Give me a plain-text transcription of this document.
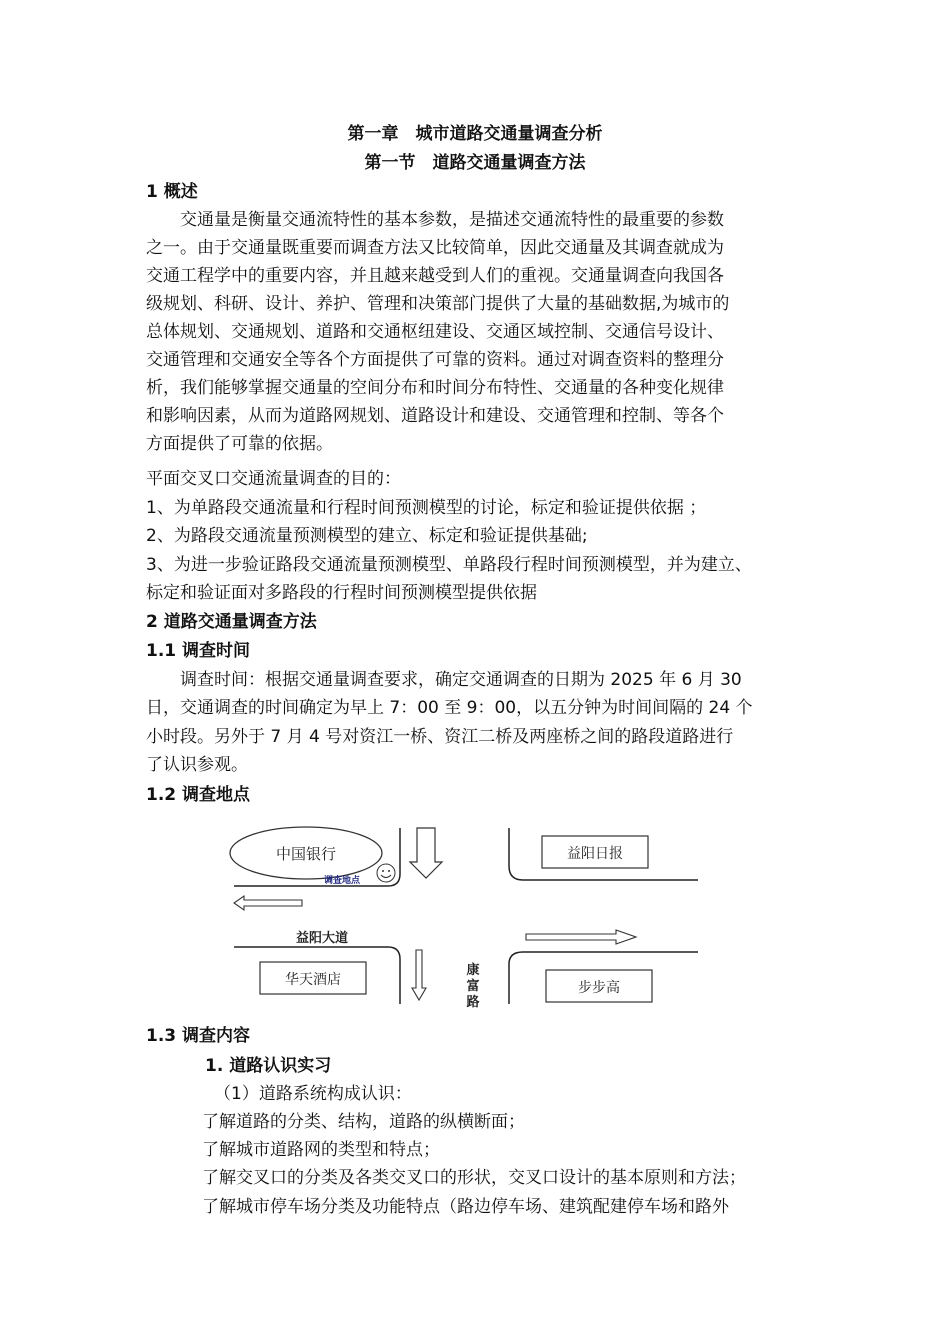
第一章　城市道路交通量调查分析
第一节　道路交通量调查方法
1 概述
交通量是衡量交通流特性的基本参数，是描述交通流特性的最重要的参数
之一。由于交通量既重要而调查方法又比较简单，因此交通量及其调查就成为
交通工程学中的重要内容，并且越来越受到人们的重视。交通量调查向我国各
级规划、科研、设计、养护、管理和决策部门提供了大量的基础数据,为城市的
总体规划、交通规划、道路和交通枢纽建设、交通区域控制、交通信号设计、
交通管理和交通安全等各个方面提供了可靠的资料。通过对调查资料的整理分
析，我们能够掌握交通量的空间分布和时间分布特性、交通量的各种变化规律
和影响因素，从而为道路网规划、道路设计和建设、交通管理和控制、等各个
方面提供了可靠的依据。
平面交叉口交通流量调查的目的：
1、为单路段交通流量和行程时间预测模型的讨论，标定和验证提供依据 ；
2、为路段交通流量预测模型的建立、标定和验证提供基础;
3、为进一步验证路段交通流量预测模型、单路段行程时间预测模型，并为建立、
标定和验证面对多路段的行程时间预测模型提供依据
2 道路交通量调查方法
1.1 调查时间
调查时间：根据交通量调查要求，确定交通调查的日期为 2025 年 6 月 30
日，交通调查的时间确定为早上 7：00 至 9：00，以五分钟为时间间隔的 24 个
小时段。另外于 7 月 4 号对资江一桥、资江二桥及两座桥之间的路段道路进行
了认识参观。
1.2 调查地点
中国银行
调查地点
益阳日报
益阳大道
华天酒店
康
富
路
步步高
1.3 调查内容
1. 道路认识实习
（1）道路系统构成认识：
了解道路的分类、结构，道路的纵横断面；
了解城市道路网的类型和特点；
了解交叉口的分类及各类交叉口的形状，交叉口设计的基本原则和方法；
了解城市停车场分类及功能特点（路边停车场、建筑配建停车场和路外
